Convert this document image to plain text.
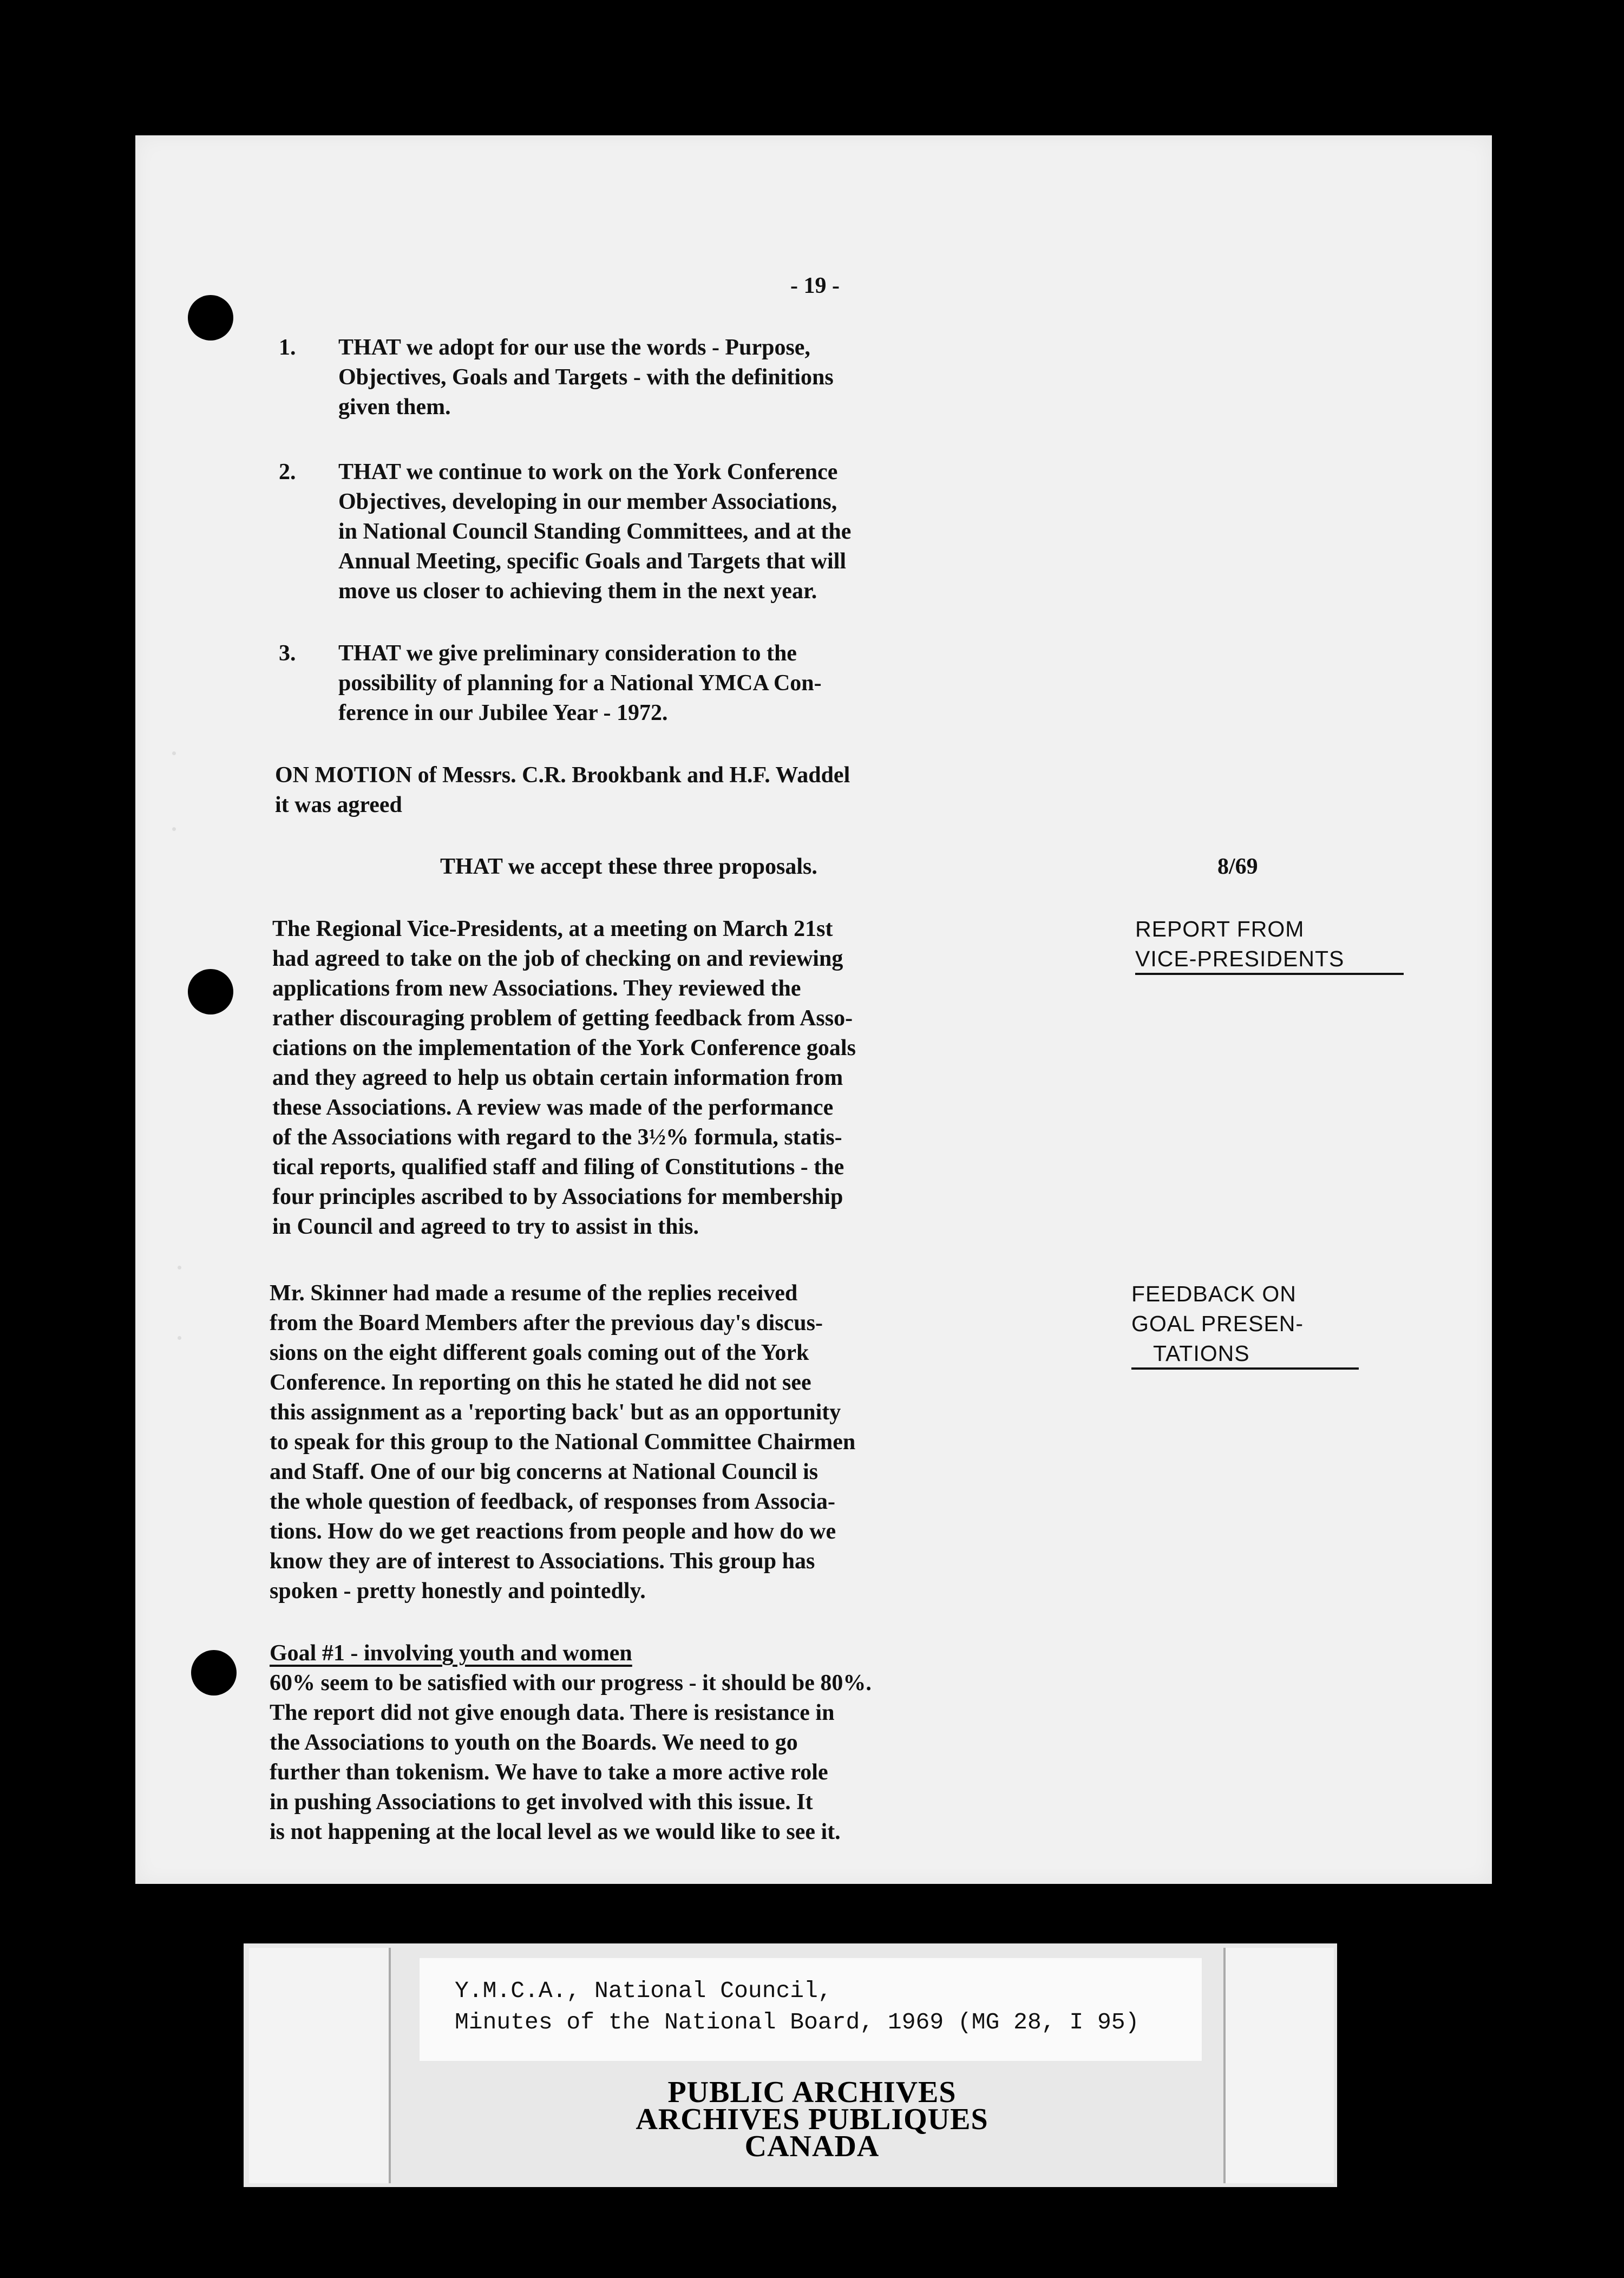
- 19 -
1. THAT we adopt for our use the words - Purpose,
Objectives, Goals and Targets - with the definitions
given them.
2. THAT we continue to work on the York Conference
Objectives, developing in our member Associations,
in National Council Standing Committees, and at the
Annual Meeting, specific Goals and Targets that will
move us closer to achieving them in the next year.
3. THAT we give preliminary consideration to the
possibility of planning for a National YMCA Con-
ference in our Jubilee Year - 1972.
ON MOTION of Messrs. C.R. Brookbank and H.F. Waddel
it was agreed
THAT we accept these three proposals.	8/69
REPORT FROM
VICE-PRESIDENTS
The Regional Vice-Presidents, at a meeting on March 21st
had agreed to take on the job of checking on and reviewing
applications from new Associations. They reviewed the
rather discouraging problem of getting feedback from Asso-
ciations on the implementation of the York Conference goals
and they agreed to help us obtain certain information from
these Associations. A review was made of the performance
of the Associations with regard to the 3½% formula, statis-
tical reports, qualified staff and filing of Constitutions - the
four principles ascribed to by Associations for membership
in Council and agreed to try to assist in this.
FEEDBACK ON
GOAL PRESEN-
TATIONS
Mr. Skinner had made a resume of the replies received
from the Board Members after the previous day's discus-
sions on the eight different goals coming out of the York
Conference. In reporting on this he stated he did not see
this assignment as a 'reporting back' but as an opportunity
to speak for this group to the National Committee Chairmen
and Staff. One of our big concerns at National Council is
the whole question of feedback, of responses from Associa-
tions. How do we get reactions from people and how do we
know they are of interest to Associations. This group has
spoken - pretty honestly and pointedly.
Goal #1 - involving youth and women
60% seem to be satisfied with our progress - it should be 80%.
The report did not give enough data. There is resistance in
the Associations to youth on the Boards. We need to go
further than tokenism. We have to take a more active role
in pushing Associations to get involved with this issue. It
is not happening at the local level as we would like to see it.
Y.M.C.A., National Council,
Minutes of the National Board, 1969 (MG 28, I 95)
PUBLIC ARCHIVES
ARCHIVES PUBLIQUES
CANADA
